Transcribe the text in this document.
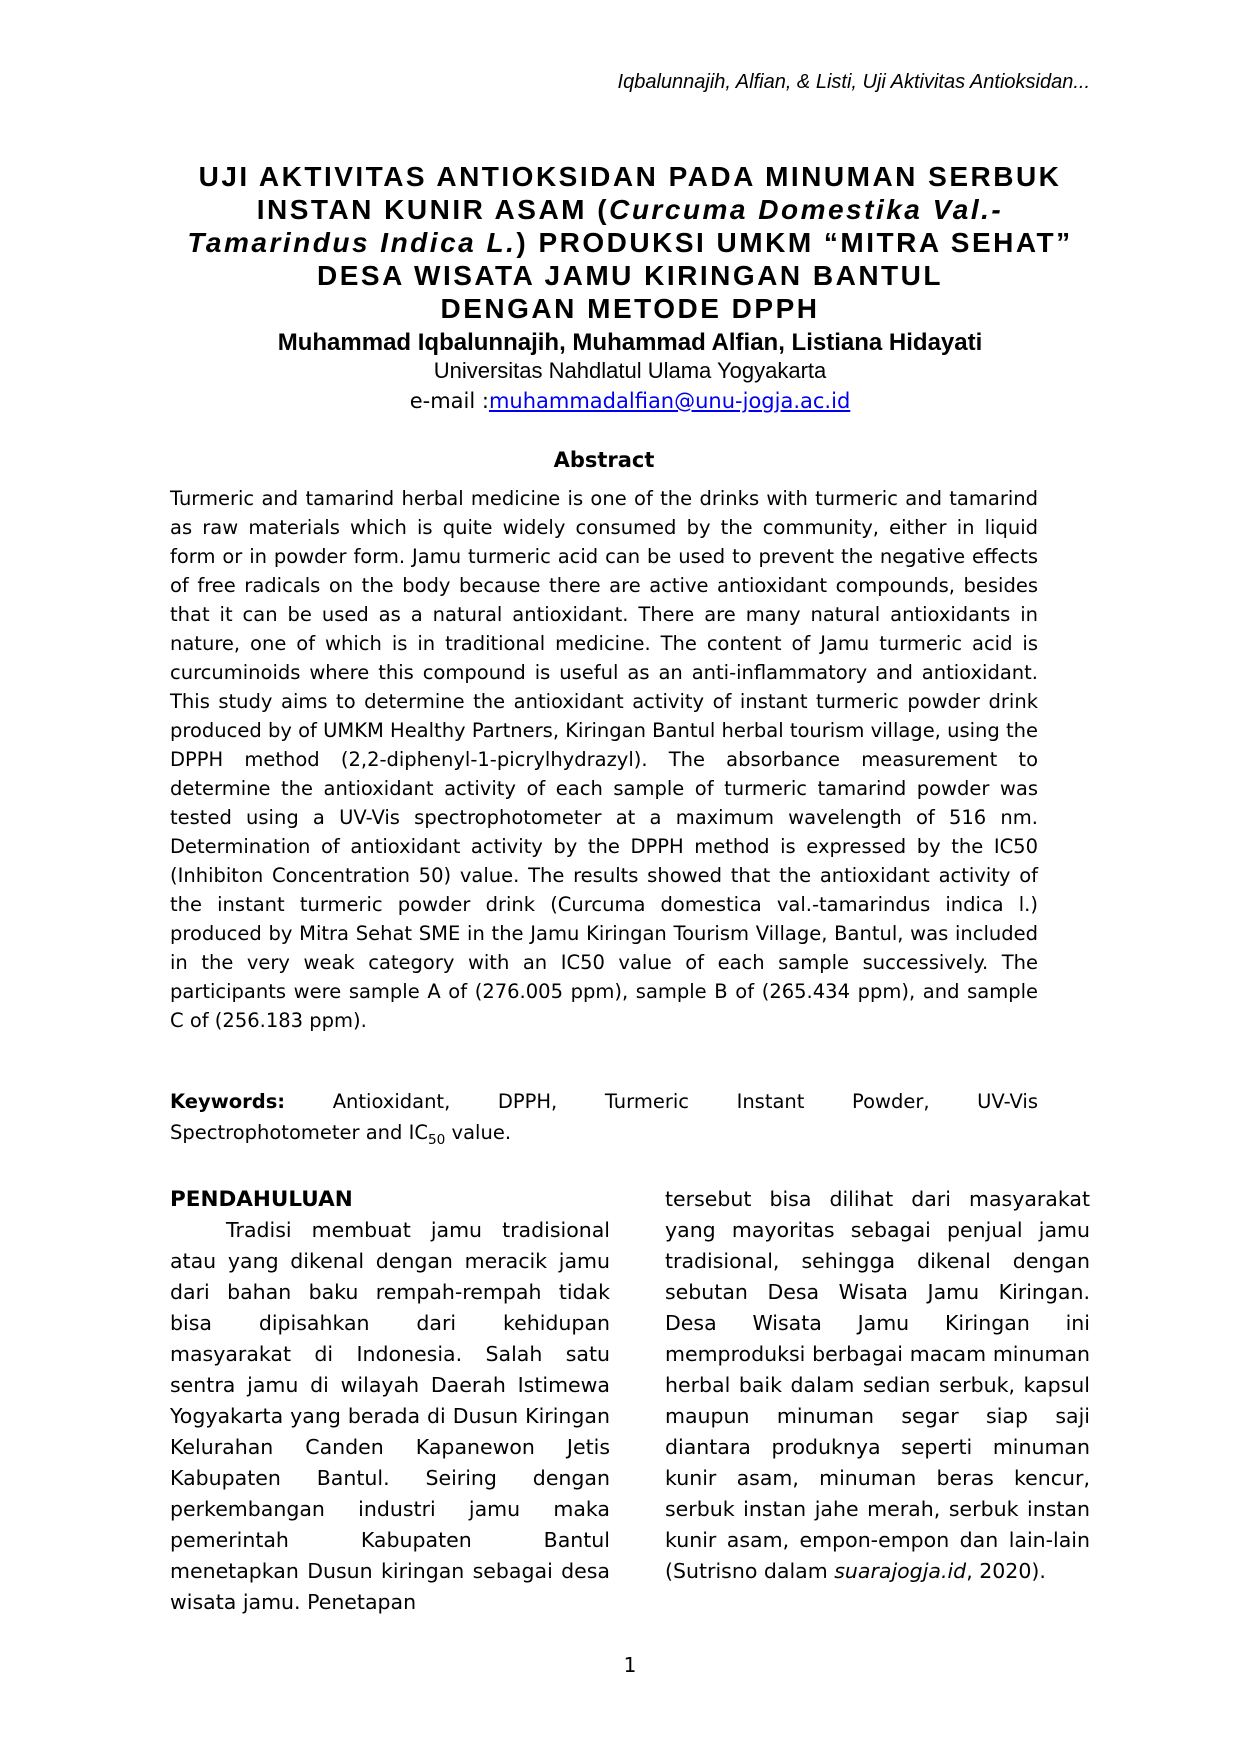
Iqbalunnajih, Alfian, & Listi, Uji Aktivitas Antioksidan...
UJI AKTIVITAS ANTIOKSIDAN PADA MINUMAN SERBUK
INSTAN KUNIR ASAM (Curcuma Domestika Val.-
Tamarindus Indica L.) PRODUKSI UMKM “MITRA SEHAT”
DESA WISATA JAMU KIRINGAN BANTUL
DENGAN METODE DPPH
Muhammad Iqbalunnajih, Muhammad Alfian, Listiana Hidayati
Universitas Nahdlatul Ulama Yogyakarta
e-mail :muhammadalfian@unu-jogja.ac.id
Abstract
Turmeric and tamarind herbal medicine is one of the drinks with turmeric and tamarind as raw materials which is quite widely consumed by the community, either in liquid form or in powder form. Jamu turmeric acid can be used to prevent the negative effects of free radicals on the body because there are active antioxidant compounds, besides that it can be used as a natural antioxidant. There are many natural antioxidants in nature, one of which is in traditional medicine. The content of Jamu turmeric acid is curcuminoids where this compound is useful as an anti-inflammatory and antioxidant. This study aims to determine the antioxidant activity of instant turmeric powder drink produced by of UMKM Healthy Partners, Kiringan Bantul herbal tourism village, using the DPPH method (2,2-diphenyl-1-picrylhydrazyl). The absorbance measurement to determine the antioxidant activity of each sample of turmeric tamarind powder was tested using a UV-Vis spectrophotometer at a maximum wavelength of 516 nm. Determination of antioxidant activity by the DPPH method is expressed by the IC50 (Inhibiton Concentration 50) value. The results showed that the antioxidant activity of the instant turmeric powder drink (Curcuma domestica val.-tamarindus indica l.) produced by Mitra Sehat SME in the Jamu Kiringan Tourism Village, Bantul, was included in the very weak category with an IC50 value of each sample successively. The participants were sample A of (276.005 ppm), sample B of (265.434 ppm), and sample C of (256.183 ppm).
Keywords: Antioxidant, DPPH, Turmeric Instant Powder, UV-Vis
Spectrophotometer and $IC_{50}$ value.
PENDAHULUAN

Tradisi membuat jamu tradisional atau yang dikenal dengan meracik jamu dari bahan baku rempah-rempah tidak bisa dipisahkan dari kehidupan masyarakat di Indonesia. Salah satu sentra jamu di wilayah Daerah Istimewa Yogyakarta yang berada di Dusun Kiringan Kelurahan Canden Kapanewon Jetis Kabupaten Bantul. Seiring dengan perkembangan industri jamu maka pemerintah Kabupaten Bantul menetapkan Dusun kiringan sebagai desa wisata jamu. Penetapan

tersebut bisa dilihat dari masyarakat yang mayoritas sebagai penjual jamu tradisional, sehingga dikenal dengan sebutan Desa Wisata Jamu Kiringan. Desa Wisata Jamu Kiringan ini memproduksi berbagai macam minuman herbal baik dalam sedian serbuk, kapsul maupun minuman segar siap saji diantara produknya seperti minuman kunir asam, minuman beras kencur, serbuk instan jahe merah, serbuk instan kunir asam, empon-empon dan lain-lain (Sutrisno dalam suarajogja.id, 2020).

1
